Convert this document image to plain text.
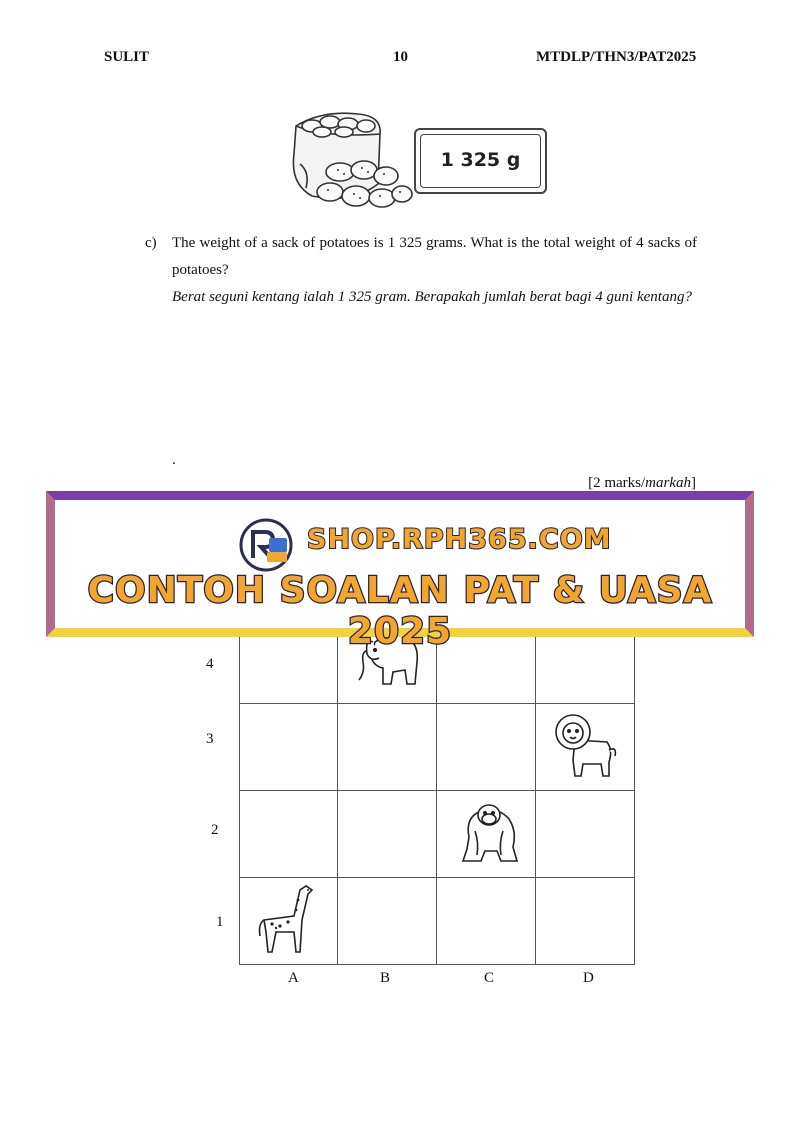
SULIT	10	MTDLP/THN3/PAT2025
1 325 g
c) The weight of a sack of potatoes is 1 325 grams. What is the total weight of 4 sacks of potatoes?
Berat seguni kentang ialah 1 325 gram. Berapakah jumlah berat bagi 4 guni kentang?
.
[2 marks/markah]
4
3
2
1
A	B	C	D
SHOP.RPH365.COM
CONTOH SOALAN PAT & UASA 2025
